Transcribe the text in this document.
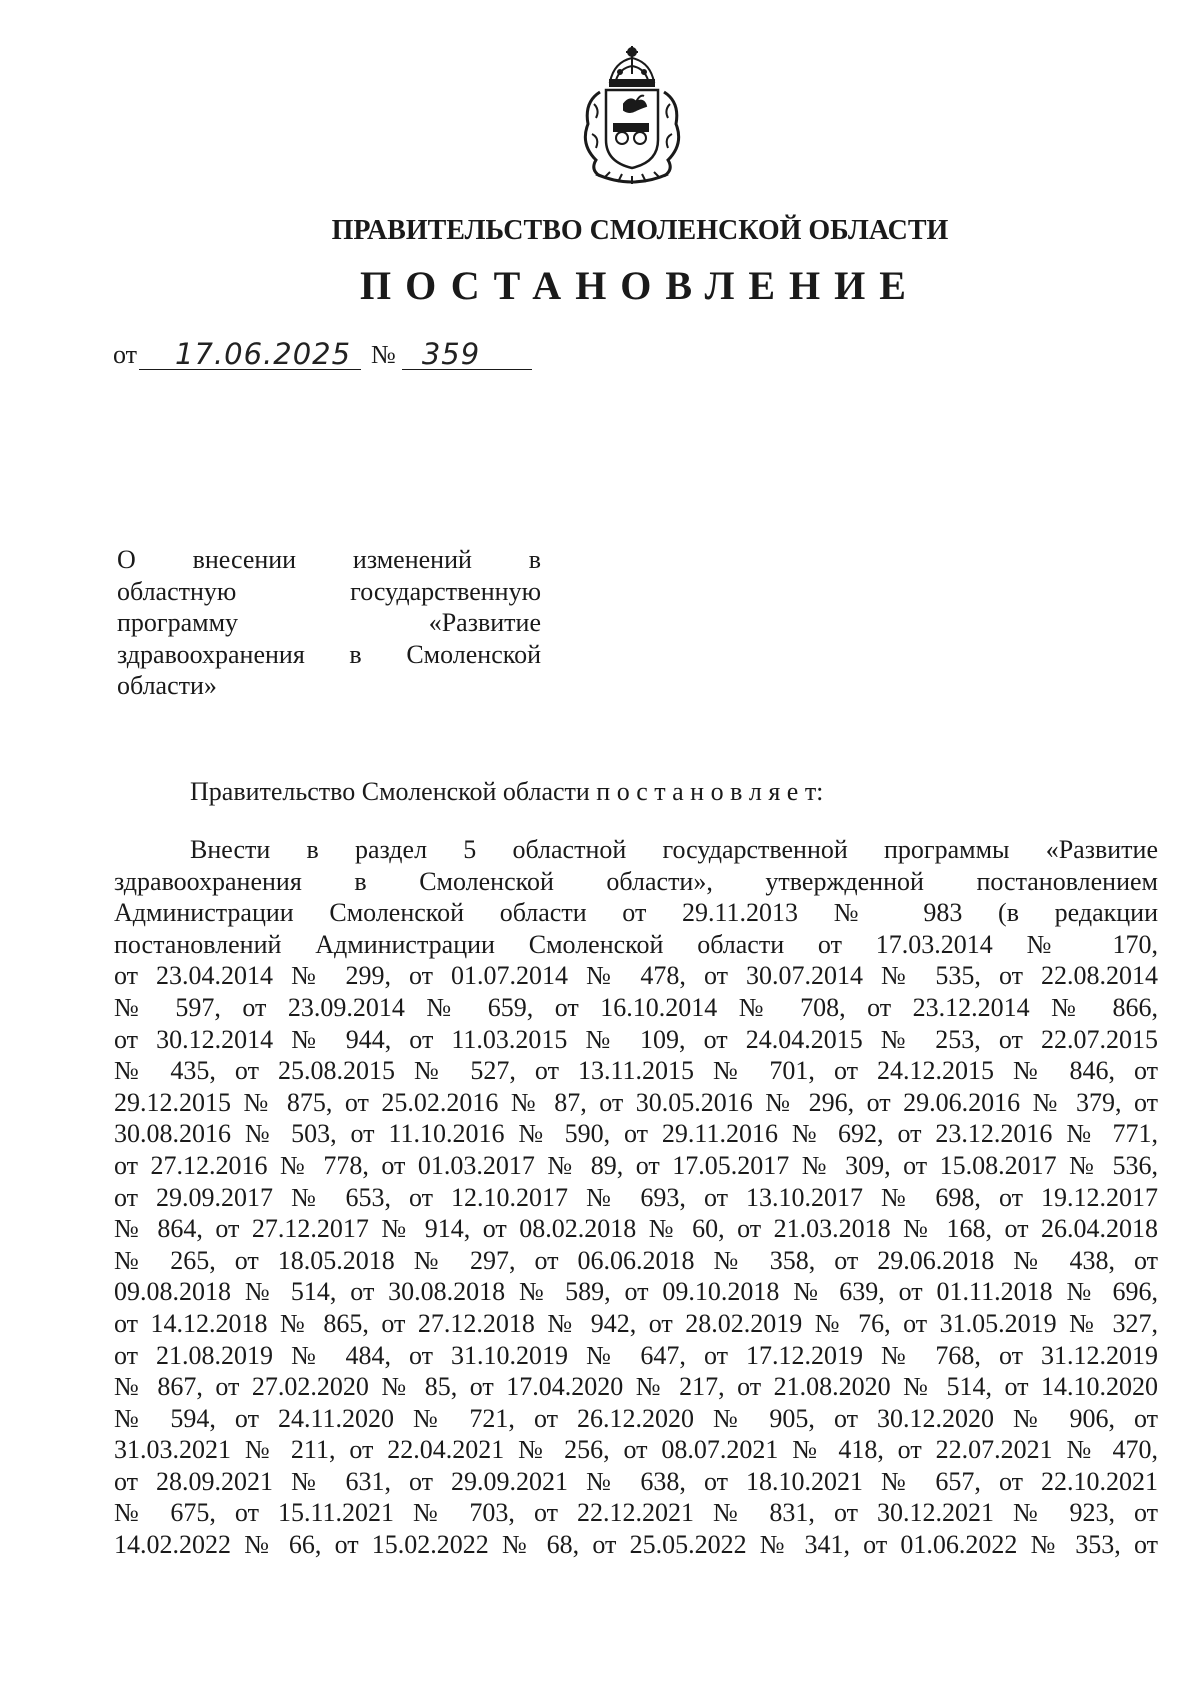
ПРАВИТЕЛЬСТВО СМОЛЕНСКОЙ ОБЛАСТИ
ПОСТАНОВЛЕНИЕ
от	17.06.2025 № 359
О внесении изменений в
областную государственную
программу «Развитие
здравоохранения в Смоленской
области»
Правительство Смоленской области п о с т а н о в л я е т:
Внести в раздел 5 областной государственной программы «Развитие
здравоохранения в Смоленской области», утвержденной постановлением
Администрации Смоленской области от 29.11.2013 № 983 (в редакции
постановлений Администрации Смоленской области от 17.03.2014 № 170,
от 23.04.2014 № 299, от 01.07.2014 № 478, от 30.07.2014 № 535, от 22.08.2014
№ 597, от 23.09.2014 № 659, от 16.10.2014 № 708, от 23.12.2014 № 866,
от 30.12.2014 № 944, от 11.03.2015 № 109, от 24.04.2015 № 253, от 22.07.2015
№ 435, от 25.08.2015 № 527, от 13.11.2015 № 701, от 24.12.2015 № 846, от
29.12.2015 № 875, от 25.02.2016 № 87, от 30.05.2016 № 296, от 29.06.2016 № 379, от
30.08.2016 № 503, от 11.10.2016 № 590, от 29.11.2016 № 692, от 23.12.2016 № 771,
от 27.12.2016 № 778, от 01.03.2017 № 89, от 17.05.2017 № 309, от 15.08.2017 № 536,
от 29.09.2017 № 653, от 12.10.2017 № 693, от 13.10.2017 № 698, от 19.12.2017
№ 864, от 27.12.2017 № 914, от 08.02.2018 № 60, от 21.03.2018 № 168, от 26.04.2018
№ 265, от 18.05.2018 № 297, от 06.06.2018 № 358, от 29.06.2018 № 438, от
09.08.2018 № 514, от 30.08.2018 № 589, от 09.10.2018 № 639, от 01.11.2018 № 696,
от 14.12.2018 № 865, от 27.12.2018 № 942, от 28.02.2019 № 76, от 31.05.2019 № 327,
от 21.08.2019 № 484, от 31.10.2019 № 647, от 17.12.2019 № 768, от 31.12.2019
№ 867, от 27.02.2020 № 85, от 17.04.2020 № 217, от 21.08.2020 № 514, от 14.10.2020
№ 594, от 24.11.2020 № 721, от 26.12.2020 № 905, от 30.12.2020 № 906, от
31.03.2021 № 211, от 22.04.2021 № 256, от 08.07.2021 № 418, от 22.07.2021 № 470,
от 28.09.2021 № 631, от 29.09.2021 № 638, от 18.10.2021 № 657, от 22.10.2021
№ 675, от 15.11.2021 № 703, от 22.12.2021 № 831, от 30.12.2021 № 923, от
14.02.2022 № 66, от 15.02.2022 № 68, от 25.05.2022 № 341, от 01.06.2022 № 353, от
